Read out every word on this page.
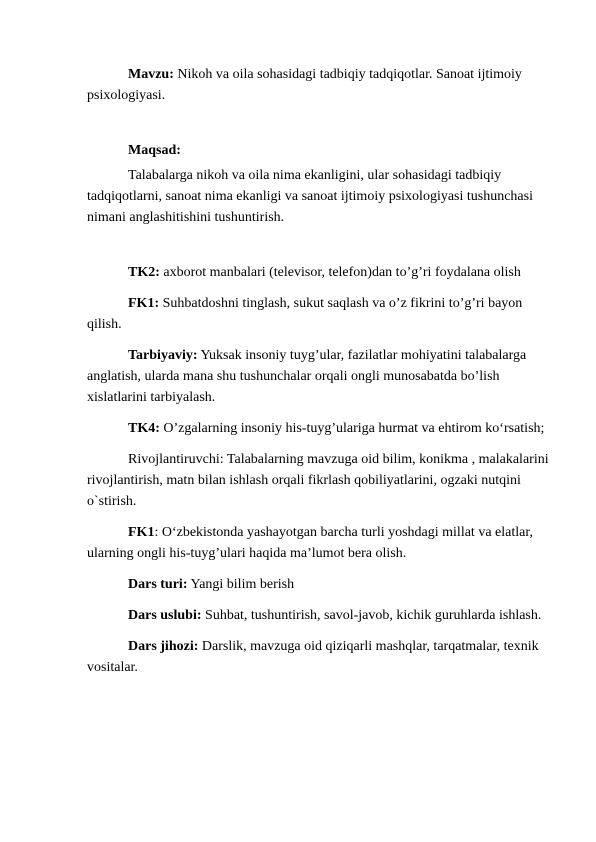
Mavzu: Nikoh va oila sohasidagi tadbiqiy tadqiqotlar. Sanoat ijtimoiy psixologiyasi.

Maqsad:

Talabalarga nikoh va oila nima ekanligini, ular sohasidagi tadbiqiy tadqiqotlarni, sanoat nima ekanligi va sanoat ijtimoiy psixologiyasi tushunchasi nimani anglashitishini tushuntirish.

TK2: axborot manbalari (televisor, telefon)dan to’g’ri foydalana olish

FK1: Suhbatdoshni tinglash, sukut saqlash va o’z fikrini to’g’ri bayon qilish.

Tarbiyaviy: Yuksak insoniy tuyg’ular, fazilatlar mohiyatini talabalarga anglatish, ularda mana shu tushunchalar orqali ongli munosabatda bo’lish xislatlarini tarbiyalash.

TK4: O’zgalarning insoniy his-tuyg’ulariga hurmat va ehtirom ko‘rsatish;

Rivojlantiruvchi: Talabalarning mavzuga oid bilim, konikma , malakalarini rivojlantirish, matn bilan ishlash orqali fikrlash qobiliyatlarini, ogzaki nutqini o`stirish.

FK1: O‘zbekistonda yashayotgan barcha turli yoshdagi millat va elatlar, ularning ongli his-tuyg’ulari haqida ma’lumot bera olish.

Dars turi: Yangi bilim berish

Dars uslubi: Suhbat, tushuntirish, savol-javob, kichik guruhlarda ishlash.

Dars jihozi: Darslik, mavzuga oid qiziqarli mashqlar, tarqatmalar, texnik vositalar.
